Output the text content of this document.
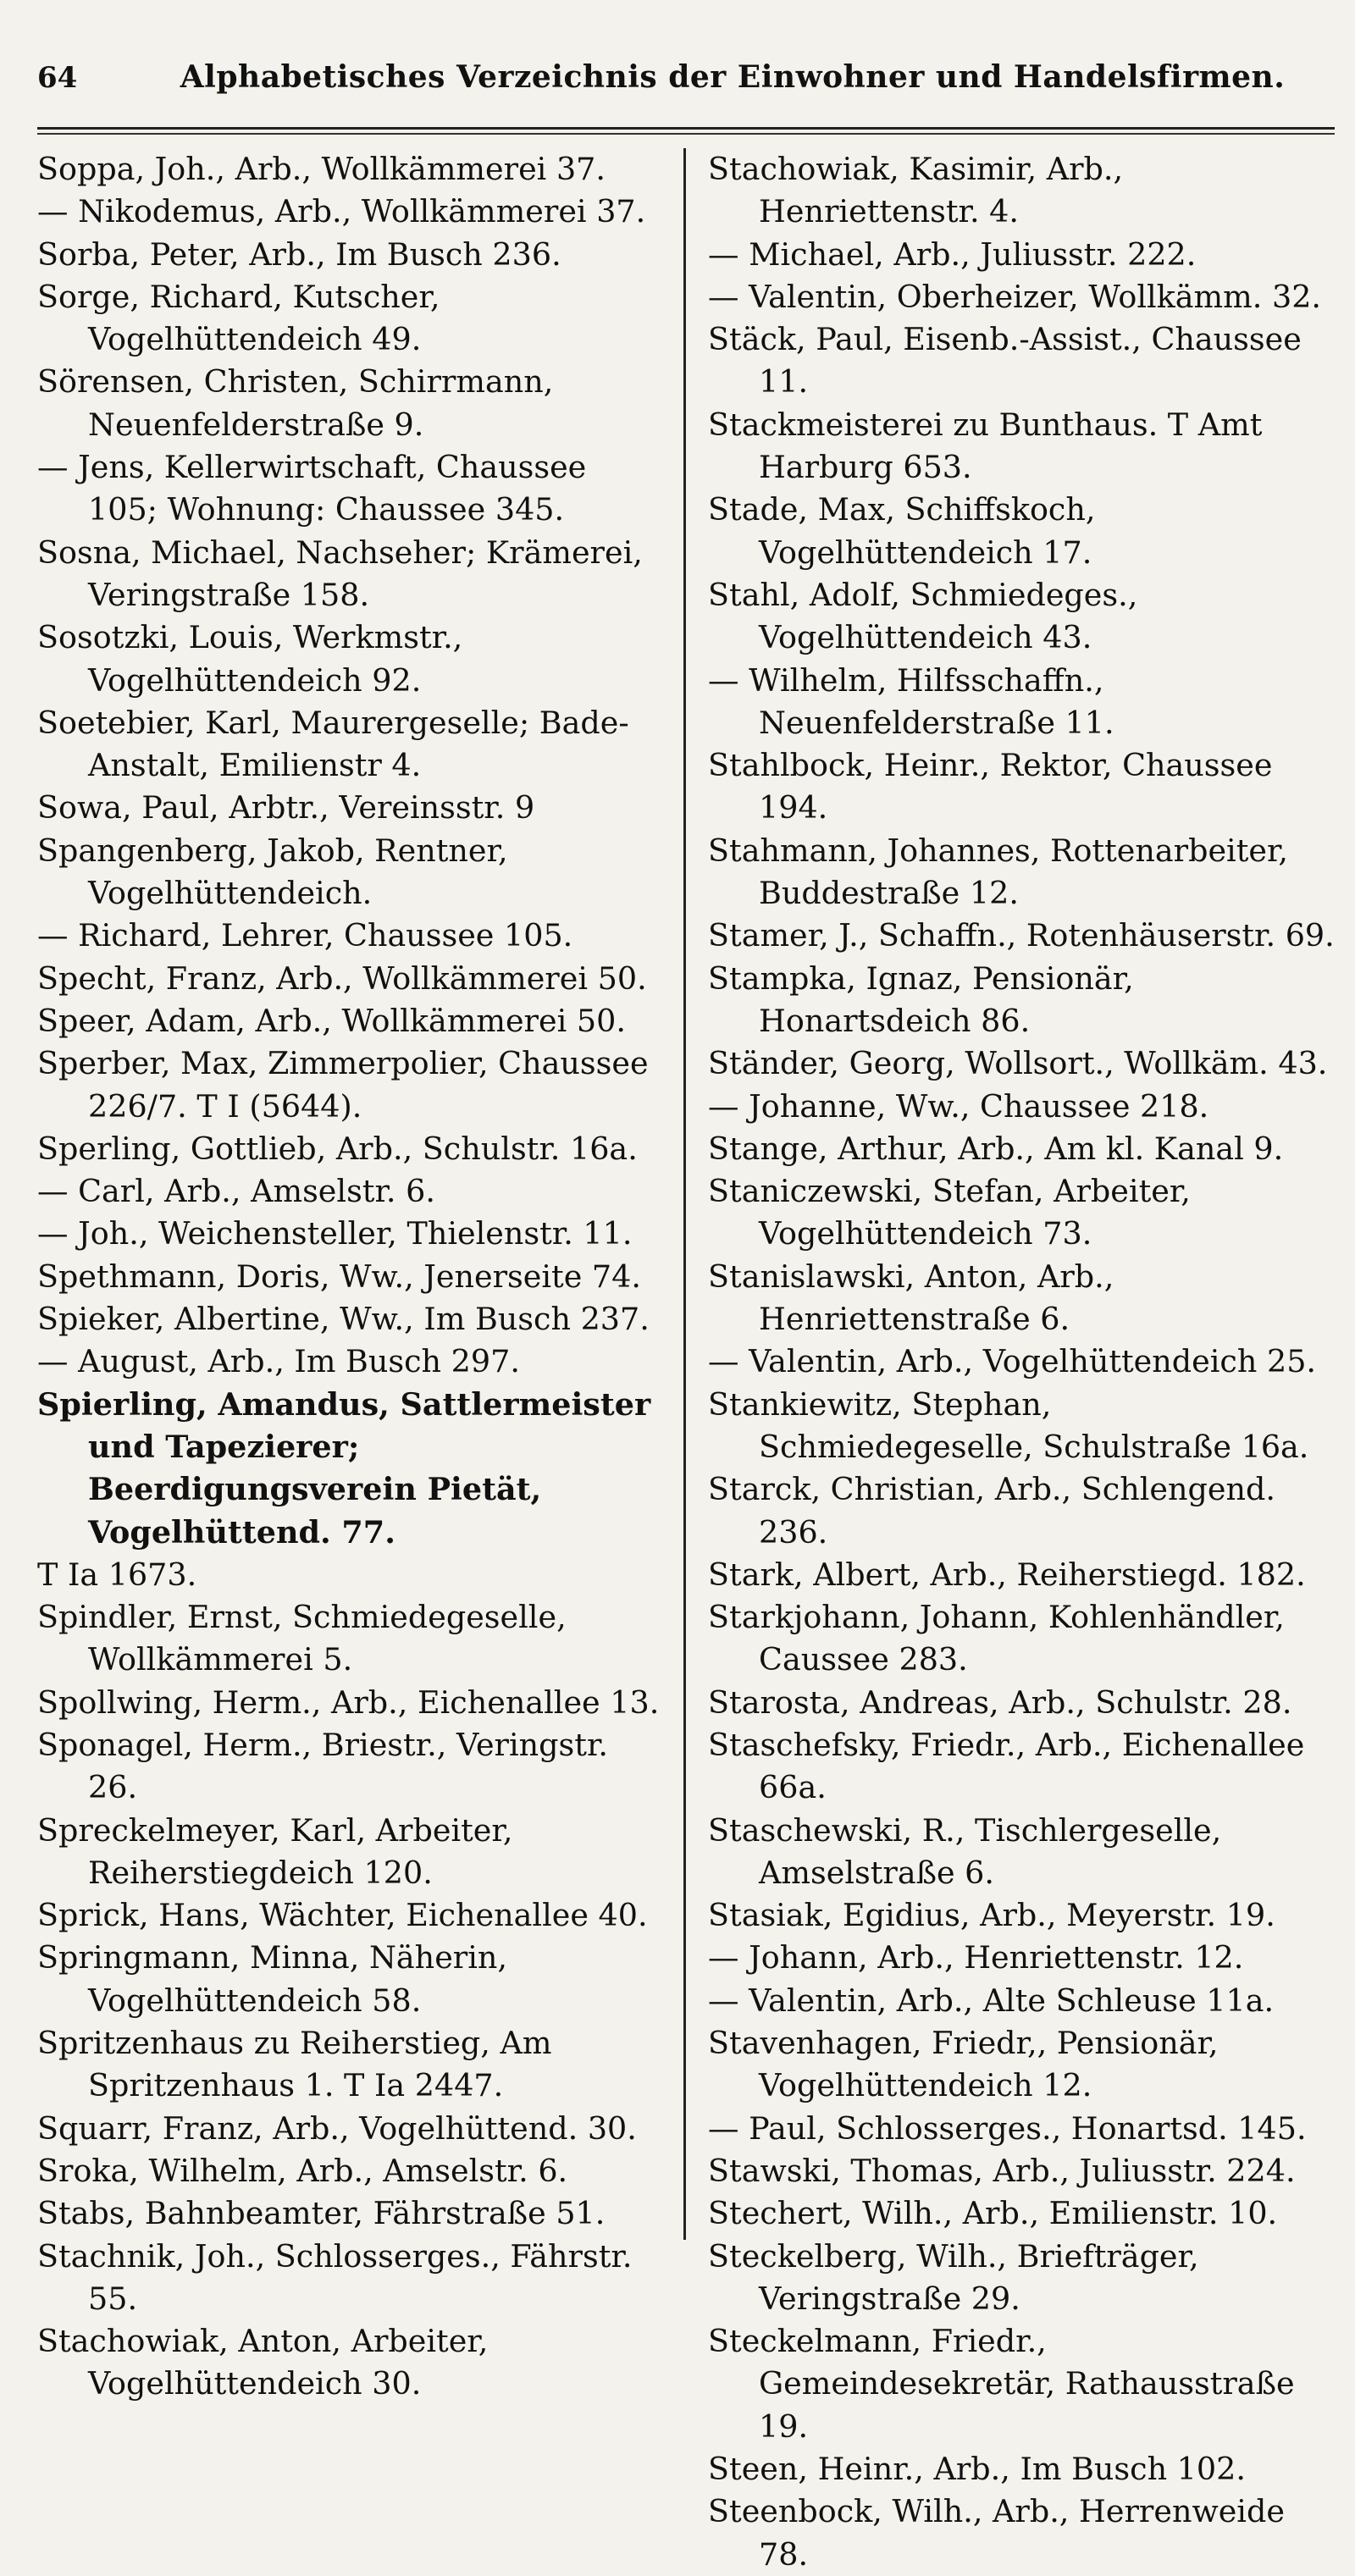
64	Alphabetisches Verzeichnis der Einwohner und Handelsfirmen.
Soppa, Joh., Arb., Wollkämmerei 37.
— Nikodemus, Arb., Wollkämmerei 37.
Sorba, Peter, Arb., Im Busch 236.
Sorge, Richard, Kutscher, Vogelhüttendeich 49.
Sörensen, Christen, Schirrmann, Neuenfelderstraße 9.
— Jens, Kellerwirtschaft, Chaussee 105; Wohnung: Chaussee 345.
Sosna, Michael, Nachseher; Krämerei, Veringstraße 158.
Sosotzki, Louis, Werkmstr., Vogelhüttendeich 92.
Soetebier, Karl, Maurergeselle; Bade-Anstalt, Emilienstr 4.
Sowa, Paul, Arbtr., Vereinsstr. 9
Spangenberg, Jakob, Rentner, Vogelhüttendeich.
— Richard, Lehrer, Chaussee 105.
Specht, Franz, Arb., Wollkämmerei 50.
Speer, Adam, Arb., Wollkämmerei 50.
Sperber, Max, Zimmerpolier, Chaussee 226/7. T I (5644).
Sperling, Gottlieb, Arb., Schulstr. 16a.
— Carl, Arb., Amselstr. 6.
— Joh., Weichensteller, Thielenstr. 11.
Spethmann, Doris, Ww., Jenerseite 74.
Spieker, Albertine, Ww., Im Busch 237.
— August, Arb., Im Busch 297.
Spierling, Amandus, Sattlermeister und Tapezierer; Beerdigungsverein Pietät, Vogelhüttend. 77.
T Ia 1673.
Spindler, Ernst, Schmiedegeselle, Wollkämmerei 5.
Spollwing, Herm., Arb., Eichenallee 13.
Sponagel, Herm., Briestr., Veringstr. 26.
Spreckelmeyer, Karl, Arbeiter, Reiherstiegdeich 120.
Sprick, Hans, Wächter, Eichenallee 40.
Springmann, Minna, Näherin, Vogelhüttendeich 58.
Spritzenhaus zu Reiherstieg, Am Spritzenhaus 1. T Ia 2447.
Squarr, Franz, Arb., Vogelhüttend. 30.
Sroka, Wilhelm, Arb., Amselstr. 6.
Stabs, Bahnbeamter, Fährstraße 51.
Stachnik, Joh., Schlosserges., Fährstr. 55.
Stachowiak, Anton, Arbeiter, Vogelhüttendeich 30.
Stachowiak, Kasimir, Arb., Henriettenstr. 4.
— Michael, Arb., Juliusstr. 222.
— Valentin, Oberheizer, Wollkämm. 32.
Stäck, Paul, Eisenb.-Assist., Chaussee 11.
Stackmeisterei zu Bunthaus. T Amt Harburg 653.
Stade, Max, Schiffskoch, Vogelhüttendeich 17.
Stahl, Adolf, Schmiedeges., Vogelhüttendeich 43.
— Wilhelm, Hilfsschaffn., Neuenfelderstraße 11.
Stahlbock, Heinr., Rektor, Chaussee 194.
Stahmann, Johannes, Rottenarbeiter, Buddestraße 12.
Stamer, J., Schaffn., Rotenhäuserstr. 69.
Stampka, Ignaz, Pensionär, Honartsdeich 86.
Ständer, Georg, Wollsort., Wollkäm. 43.
— Johanne, Ww., Chaussee 218.
Stange, Arthur, Arb., Am kl. Kanal 9.
Staniczewski, Stefan, Arbeiter, Vogelhüttendeich 73.
Stanislawski, Anton, Arb., Henriettenstraße 6.
— Valentin, Arb., Vogelhüttendeich 25.
Stankiewitz, Stephan, Schmiedegeselle, Schulstraße 16a.
Starck, Christian, Arb., Schlengend. 236.
Stark, Albert, Arb., Reiherstiegd. 182.
Starkjohann, Johann, Kohlenhändler, Caussee 283.
Starosta, Andreas, Arb., Schulstr. 28.
Staschefsky, Friedr., Arb., Eichenallee 66a.
Staschewski, R., Tischlergeselle, Amselstraße 6.
Stasiak, Egidius, Arb., Meyerstr. 19.
— Johann, Arb., Henriettenstr. 12.
— Valentin, Arb., Alte Schleuse 11a.
Stavenhagen, Friedr,, Pensionär, Vogelhüttendeich 12.
— Paul, Schlosserges., Honartsd. 145.
Stawski, Thomas, Arb., Juliusstr. 224.
Stechert, Wilh., Arb., Emilienstr. 10.
Steckelberg, Wilh., Briefträger, Veringstraße 29.
Steckelmann, Friedr., Gemeindesekretär, Rathausstraße 19.
Steen, Heinr., Arb., Im Busch 102.
Steenbock, Wilh., Arb., Herrenweide 78.
